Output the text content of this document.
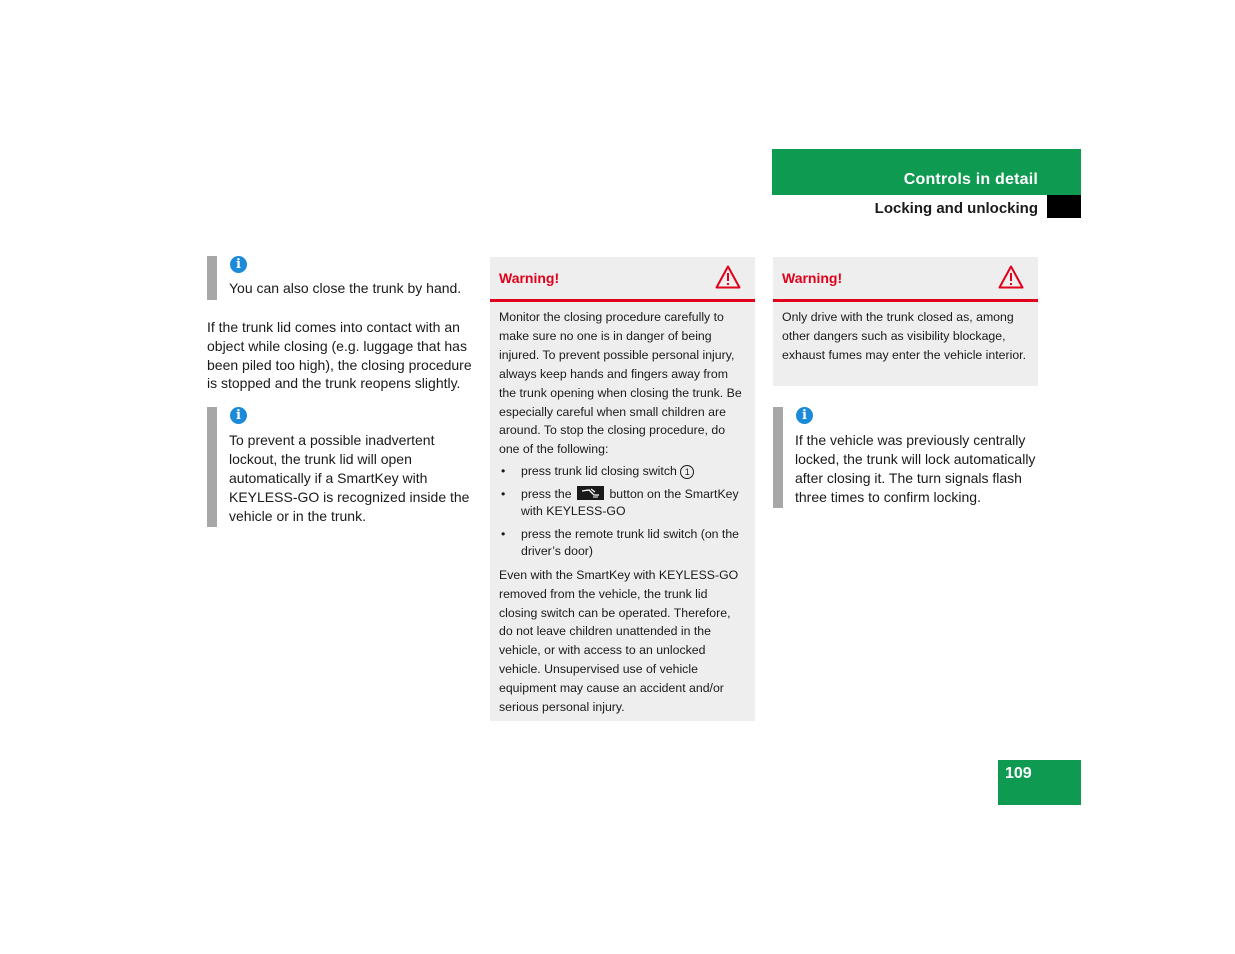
Controls in detail
Locking and unlocking
i
You can also close the trunk by hand.
If the trunk lid comes into contact with an object while closing (e.g. luggage that has been piled too high), the closing procedure is stopped and the trunk reopens slightly.
i
To prevent a possible inadvertent lockout, the trunk lid will open automatically if a SmartKey with KEYLESS-GO is recognized inside the vehicle or in the trunk.
Warning!
Monitor the closing procedure carefully to make sure no one is in danger of being injured. To prevent possible personal injury, always keep hands and fingers away from the trunk opening when closing the trunk. Be especially careful when small children are around. To stop the closing procedure, do one of the following:
• press trunk lid closing switch 1
• press the	button on the SmartKey with KEYLESS-GO
• press the remote trunk lid switch (on the driver’s door)
Even with the SmartKey with KEYLESS-GO removed from the vehicle, the trunk lid closing switch can be operated. Therefore, do not leave children unattended in the vehicle, or with access to an unlocked vehicle. Unsupervised use of vehicle equipment may cause an accident and/or serious personal injury.
Warning!
Only drive with the trunk closed as, among other dangers such as visibility blockage, exhaust fumes may enter the vehicle interior.
i
If the vehicle was previously centrally locked, the trunk will lock automatically after closing it. The turn signals flash three times to confirm locking.
109
